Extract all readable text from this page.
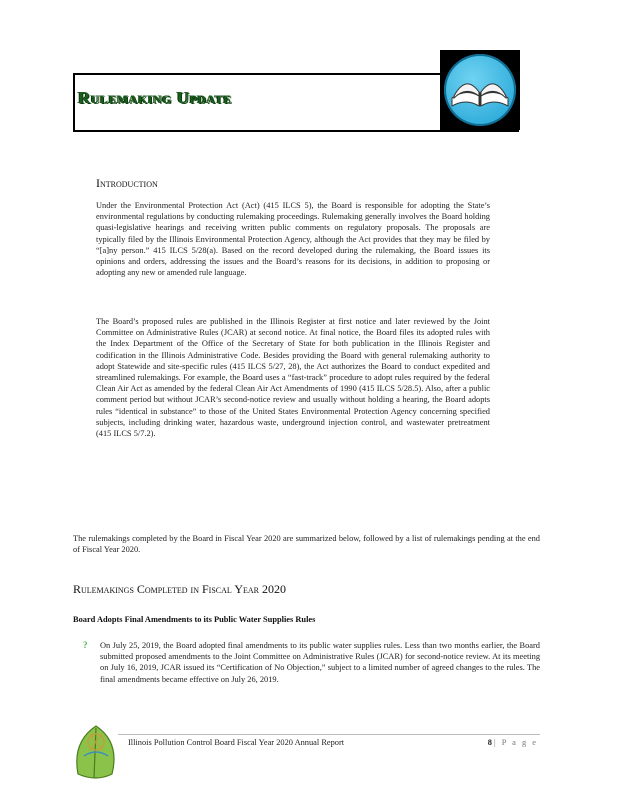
Rulemaking Update
Introduction

Under the Environmental Protection Act (Act) (415 ILCS 5), the Board is responsible for adopting the State’s environmental regulations by conducting rulemaking proceedings. Rulemaking generally involves the Board holding quasi-legislative hearings and receiving written public comments on regulatory proposals. The proposals are typically filed by the Illinois Environmental Protection Agency, although the Act provides that they may be filed by “[a]ny person.” 415 ILCS 5/28(a). Based on the record developed during the rulemaking, the Board issues its opinions and orders, addressing the issues and the Board’s reasons for its decisions, in addition to proposing or adopting any new or amended rule language.

The Board’s proposed rules are published in the Illinois Register at first notice and later reviewed by the Joint Committee on Administrative Rules (JCAR) at second notice. At final notice, the Board files its adopted rules with the Index Department of the Office of the Secretary of State for both publication in the Illinois Register and codification in the Illinois Administrative Code. Besides providing the Board with general rulemaking authority to adopt Statewide and site-specific rules (415 ILCS 5/27, 28), the Act authorizes the Board to conduct expedited and streamlined rulemakings. For example, the Board uses a “fast-track” procedure to adopt rules required by the federal Clean Air Act as amended by the federal Clean Air Act Amendments of 1990 (415 ILCS 5/28.5). Also, after a public comment period but without JCAR’s second-notice review and usually without holding a hearing, the Board adopts rules “identical in substance” to those of the United States Environmental Protection Agency concerning specified subjects, including drinking water, hazardous waste, underground injection control, and wastewater pretreatment (415 ILCS 5/7.2).

The rulemakings completed by the Board in Fiscal Year 2020 are summarized below, followed by a list of rulemakings pending at the end of Fiscal Year 2020.

Rulemakings Completed in Fiscal Year 2020
Board Adopts Final Amendments to its Public Water Supplies Rules
? On July 25, 2019, the Board adopted final amendments to its public water supplies rules. Less than two months earlier, the Board submitted proposed amendments to the Joint Committee on Administrative Rules (JCAR) for second-notice review. At its meeting on July 16, 2019, JCAR issued its “Certification of No Objection,” subject to a limited number of agreed changes to the rules. The final amendments became effective on July 26, 2019.

Illinois Pollution Control Board Fiscal Year 2020 Annual Report	8 | P a g e
